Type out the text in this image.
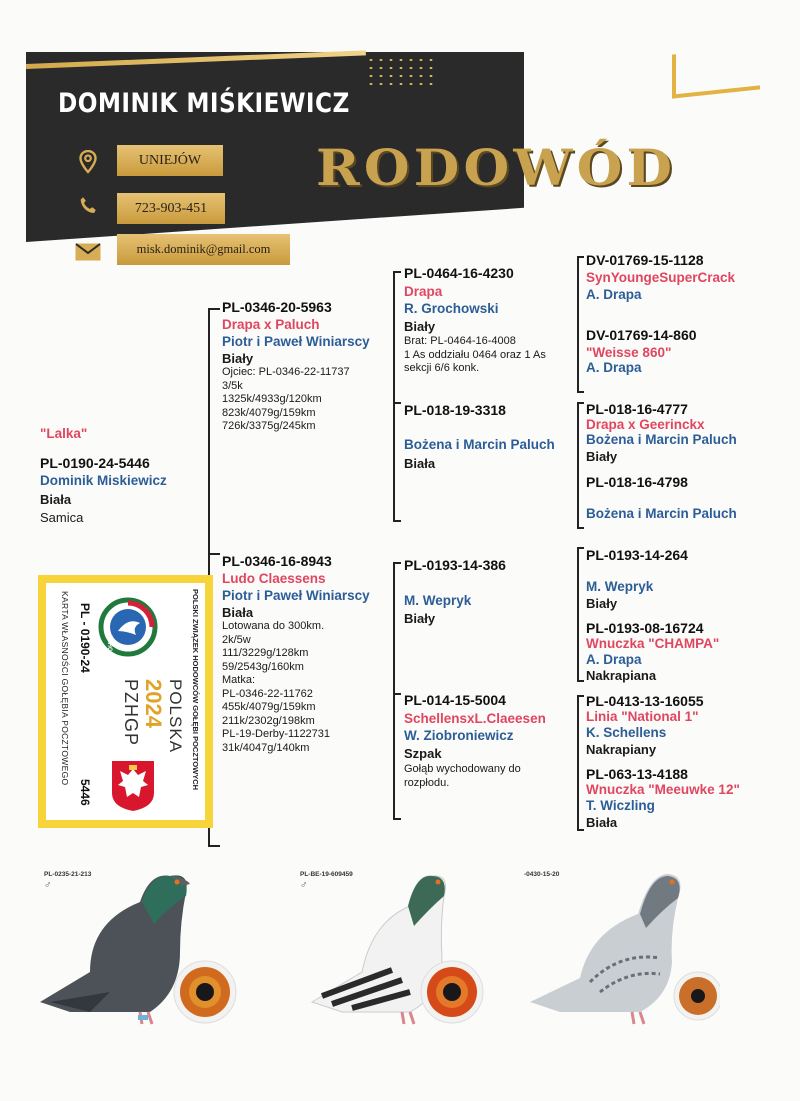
DOMINIK MIŚKIEWICZ
UNIEJÓW
723-903-451
misk.dominik@gmail.com
RODOWÓD
"Lalka"
PL-0190-24-5446
Dominik Miskiewicz
Biała
Samica
PL-0346-20-5963
Drapa x Paluch
Piotr i Paweł Winiarscy
Biały
Ojciec: PL-0346-22-11737
3/5k
1325k/4933g/120km
823k/4079g/159km
726k/3375g/245km
PL-0346-16-8943
Ludo Claessens
Piotr i Paweł Winiarscy
Biała
Lotowana do 300km.
2k/5w
111/3229g/128km
59/2543g/160km
Matka:
PL-0346-22-11762
455k/4079g/159km
211k/2302g/198km
PL-19-Derby-1122731
31k/4047g/140km
PL-0464-16-4230
Drapa
R. Grochowski
Biały
Brat: PL-0464-16-4008
1 As oddziału 0464 oraz 1 As
sekcji 6/6 konk.
PL-018-19-3318
Bożena i Marcin Paluch
Biała
PL-0193-14-386
M. Wepryk
Biały
PL-014-15-5004
SchellensxL.Claeesen
W. Ziobroniewicz
Szpak
Gołąb wychodowany do
rozpłodu.
DV-01769-15-1128
SynYoungeSuperCrack
A. Drapa
DV-01769-14-860
"Weisse 860"
A. Drapa
PL-018-16-4777
Drapa x Geerinckx
Bożena i Marcin Paluch
Biały
PL-018-16-4798
Bożena i Marcin Paluch
PL-0193-14-264
M. Wepryk
Biały
PL-0193-08-16724
Wnuczka "CHAMPA"
A. Drapa
Nakrapiana
PL-0413-13-16055
Linia "National 1"
K. Schellens
Nakrapiany
PL-063-13-4188
Wnuczka "Meeuwke 12"
T. Wiczling
Biała
POLSKI ZWIĄZEK HODOWCÓW GOŁĘBI POCZTOWYCH
POLSKA
2024
PZHGP
PL - 0190-24
5446
KARTA WŁASNOŚCI GOŁĘBIA POCZTOWEGO	PZHGP
PL-0235-21-213
♂
PL-BE-19-609459
♂
-0430-15-20
